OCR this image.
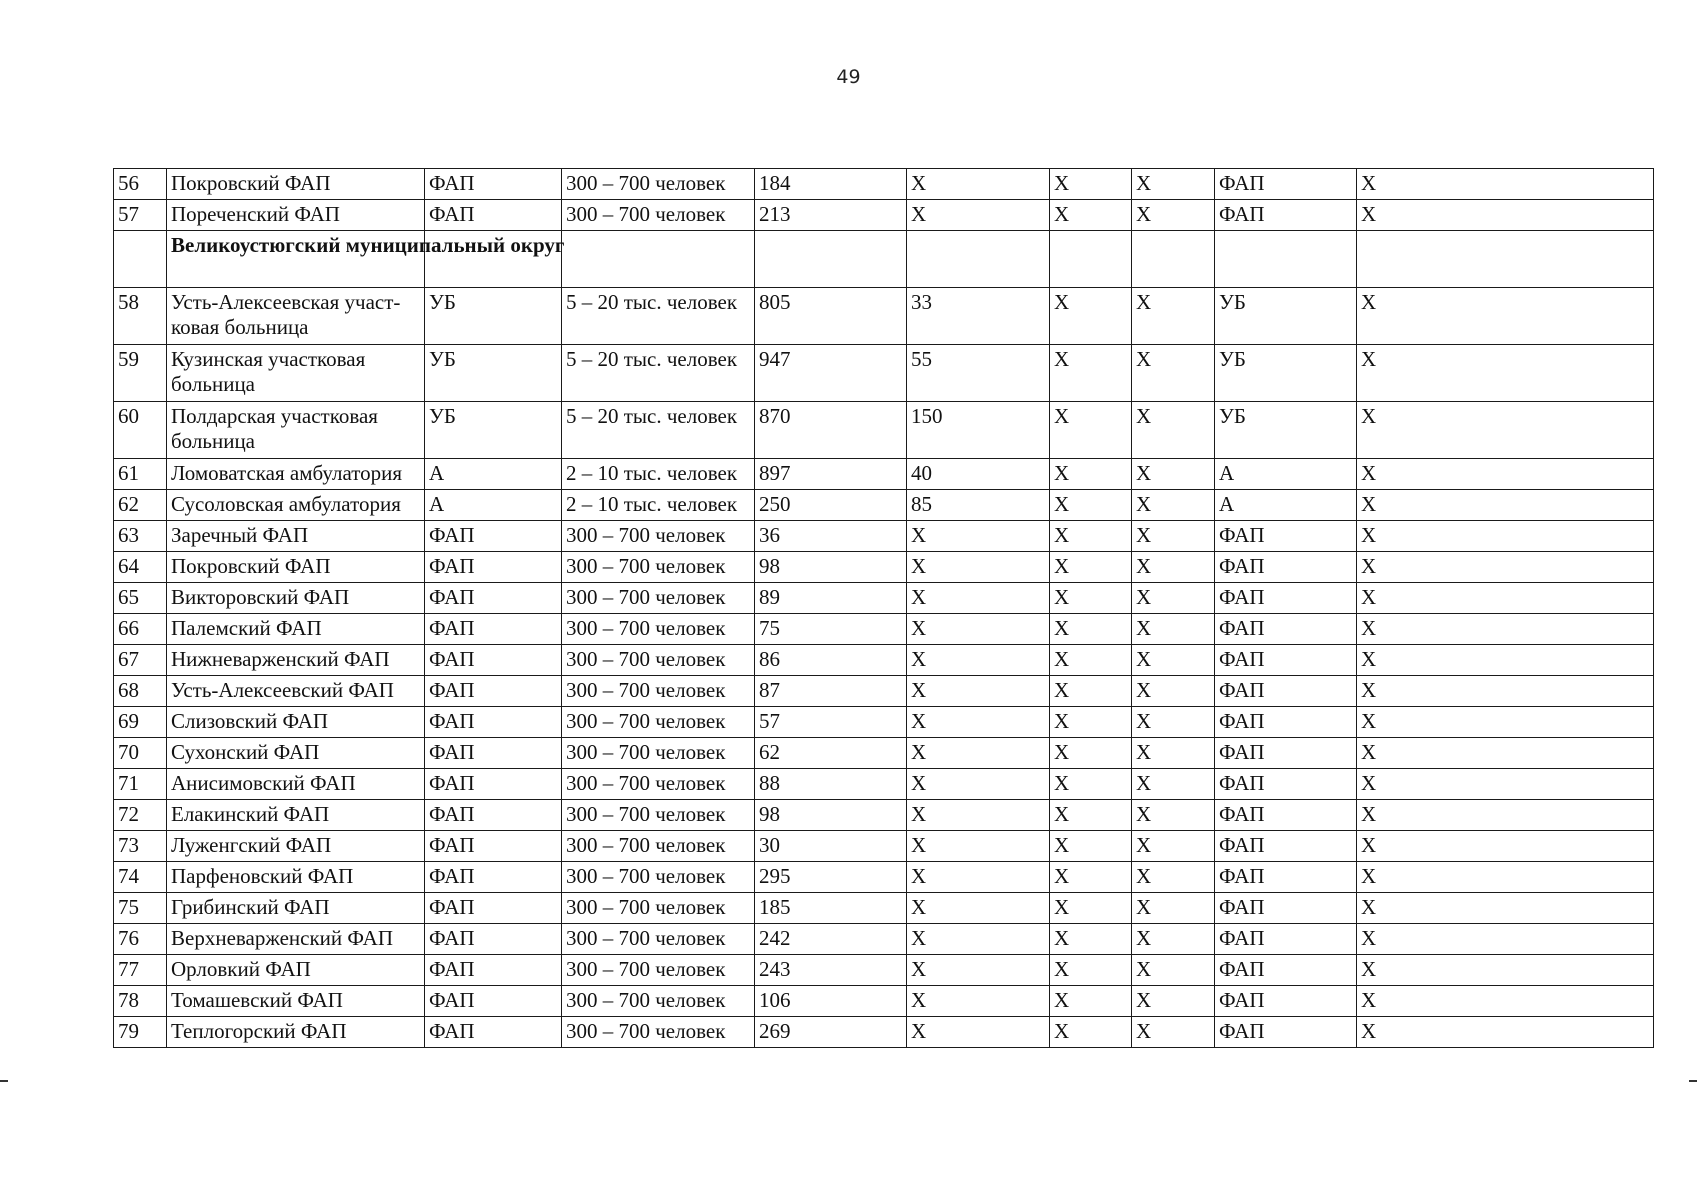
49
56	Покровский ФАП	ФАП	300 – 700 человек	184	Х	Х	Х	ФАП	Х
57	Пореченский ФАП	ФАП	300 – 700 человек	213	Х	Х	Х	ФАП	Х
	Великоустюгский муниципальный округ								
58	Усть-Алексеевская участ-ковая больница	УБ	5 – 20 тыс. человек	805	33	Х	Х	УБ	Х
59	Кузинская участковая больница	УБ	5 – 20 тыс. человек	947	55	Х	Х	УБ	Х
60	Полдарская участковая больница	УБ	5 – 20 тыс. человек	870	150	Х	Х	УБ	Х
61	Ломоватская амбулатория	А	2 – 10 тыс. человек	897	40	Х	Х	А	Х
62	Сусоловская амбулатория	А	2 – 10 тыс. человек	250	85	Х	Х	А	Х
63	Заречный ФАП	ФАП	300 – 700 человек	36	Х	Х	Х	ФАП	Х
64	Покровский ФАП	ФАП	300 – 700 человек	98	Х	Х	Х	ФАП	Х
65	Викторовский ФАП	ФАП	300 – 700 человек	89	Х	Х	Х	ФАП	Х
66	Палемский ФАП	ФАП	300 – 700 человек	75	Х	Х	Х	ФАП	Х
67	Нижневарженский ФАП	ФАП	300 – 700 человек	86	Х	Х	Х	ФАП	Х
68	Усть-Алексеевский ФАП	ФАП	300 – 700 человек	87	Х	Х	Х	ФАП	Х
69	Слизовский ФАП	ФАП	300 – 700 человек	57	Х	Х	Х	ФАП	Х
70	Сухонский ФАП	ФАП	300 – 700 человек	62	Х	Х	Х	ФАП	Х
71	Анисимовский ФАП	ФАП	300 – 700 человек	88	Х	Х	Х	ФАП	Х
72	Елакинский ФАП	ФАП	300 – 700 человек	98	Х	Х	Х	ФАП	Х
73	Луженгский ФАП	ФАП	300 – 700 человек	30	Х	Х	Х	ФАП	Х
74	Парфеновский ФАП	ФАП	300 – 700 человек	295	Х	Х	Х	ФАП	Х
75	Грибинский ФАП	ФАП	300 – 700 человек	185	Х	Х	Х	ФАП	Х
76	Верхневарженский ФАП	ФАП	300 – 700 человек	242	Х	Х	Х	ФАП	Х
77	Орловкий ФАП	ФАП	300 – 700 человек	243	Х	Х	Х	ФАП	Х
78	Томашевский ФАП	ФАП	300 – 700 человек	106	Х	Х	Х	ФАП	Х
79	Теплогорский ФАП	ФАП	300 – 700 человек	269	Х	Х	Х	ФАП	Х
